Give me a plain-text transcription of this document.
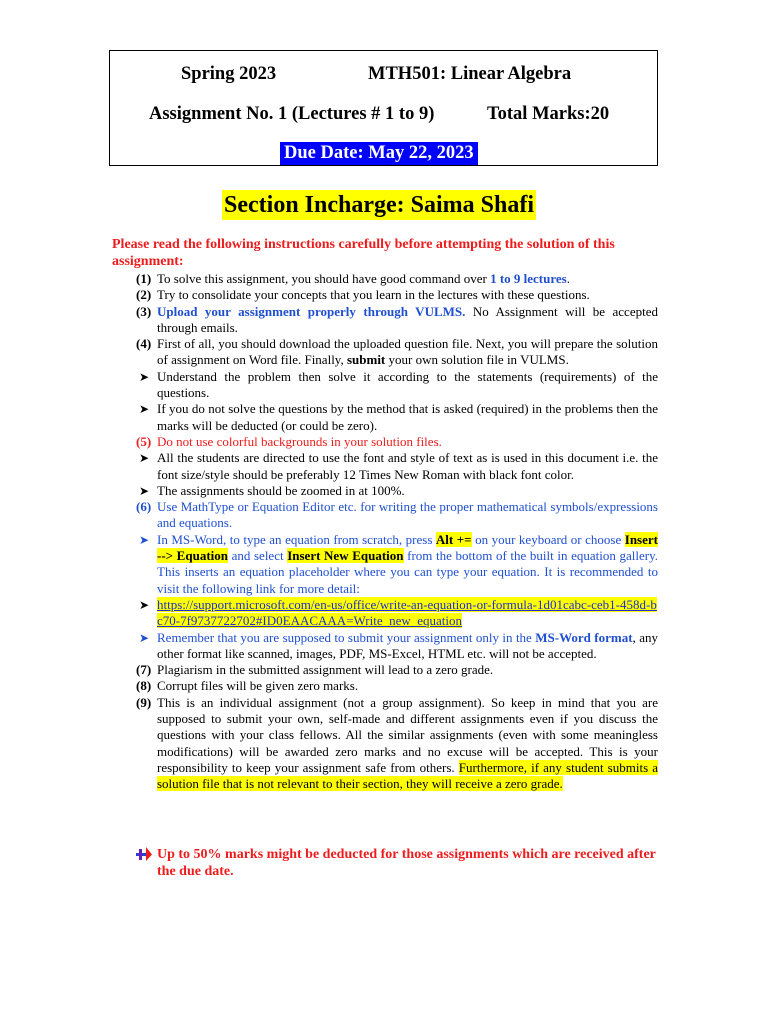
Spring 2023	MTH501: Linear Algebra
Assignment No. 1 (Lectures # 1 to 9)	Total Marks:20
Due Date: May 22, 2023
Section Incharge: Saima Shafi
Please read the following instructions carefully before attempting the solution of this assignment:
(1) To solve this assignment, you should have good command over 1 to 9 lectures.
(2) Try to consolidate your concepts that you learn in the lectures with these questions.
(3) Upload your assignment properly through VULMS. No Assignment will be accepted through emails.
(4) First of all, you should download the uploaded question file. Next, you will prepare the solution of assignment on Word file. Finally, submit your own solution file in VULMS.
➤ Understand the problem then solve it according to the statements (requirements) of the questions.
➤ If you do not solve the questions by the method that is asked (required) in the problems then the marks will be deducted (or could be zero).
(5) Do not use colorful backgrounds in your solution files.
➤ All the students are directed to use the font and style of text as is used in this document i.e. the font size/style should be preferably 12 Times New Roman with black font color.
➤ The assignments should be zoomed in at 100%.
(6) Use MathType or Equation Editor etc. for writing the proper mathematical symbols/expressions and equations.
➤ In MS-Word, to type an equation from scratch, press Alt += on your keyboard or choose Insert --> Equation and select Insert New Equation from the bottom of the built in equation gallery. This inserts an equation placeholder where you can type your equation. It is recommended to visit the following link for more detail:
➤ https://support.microsoft.com/en-us/office/write-an-equation-or-formula-1d01cabc-ceb1-458d-bc70-7f9737722702#ID0EAACAAA=Write_new_equation
➤ Remember that you are supposed to submit your assignment only in the MS-Word format, any other format like scanned, images, PDF, MS-Excel, HTML etc. will not be accepted.
(7) Plagiarism in the submitted assignment will lead to a zero grade.
(8) Corrupt files will be given zero marks.
(9) This is an individual assignment (not a group assignment). So keep in mind that you are supposed to submit your own, self-made and different assignments even if you discuss the questions with your class fellows. All the similar assignments (even with some meaningless modifications) will be awarded zero marks and no excuse will be accepted. This is your responsibility to keep your assignment safe from others. Furthermore, if any student submits a solution file that is not relevant to their section, they will receive a zero grade.
Up to 50% marks might be deducted for those assignments which are received after the due date.
